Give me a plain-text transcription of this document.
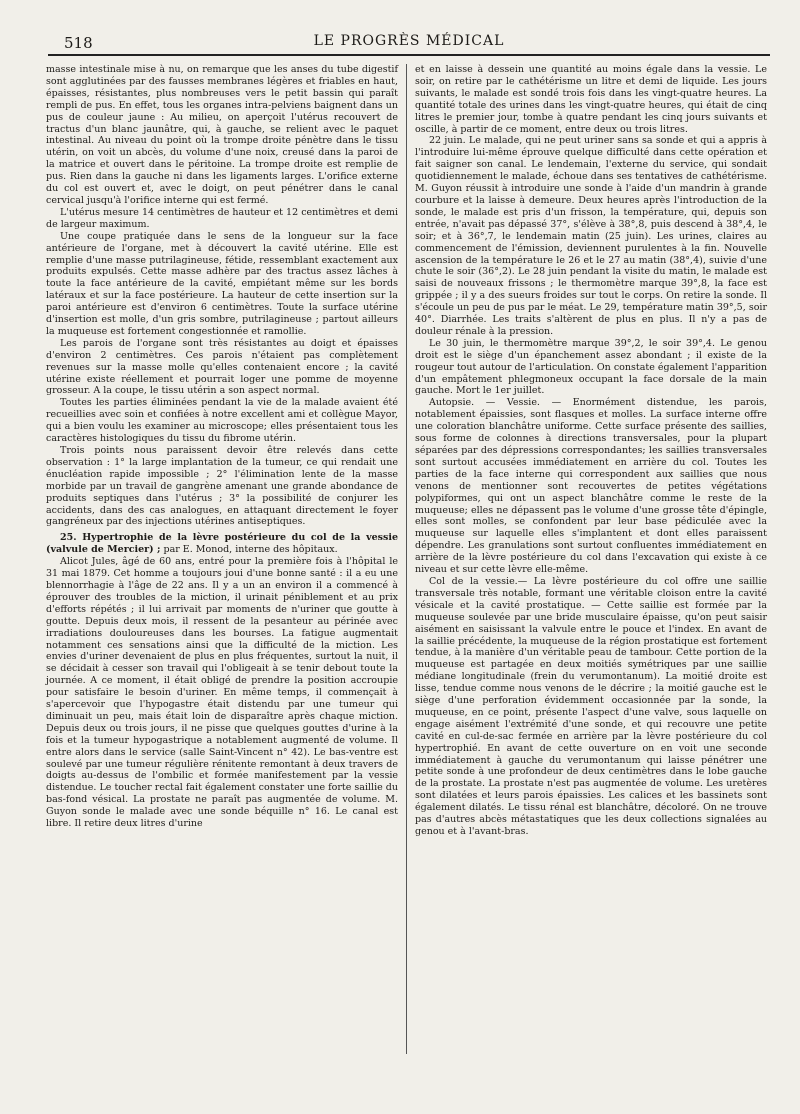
518	LE PROGRÈS MÉDICAL

masse intestinale mise à nu, on remarque que les anses du tube digestif sont agglutinées par des fausses membranes légères et friables en haut, épaisses, résistantes, plus nombreuses vers le petit bassin qui paraît rempli de pus. En effet, tous les organes intra-pelviens baignent dans un pus de couleur jaune : Au milieu, on aperçoit l'utérus recouvert de tractus d'un blanc jaunâtre, qui, à gauche, se relient avec le paquet intestinal. Au niveau du point où la trompe droite pénètre dans le tissu utérin, on voit un abcès, du volume d'une noix, creusé dans la paroi de la matrice et ouvert dans le péritoine. La trompe droite est remplie de pus. Rien dans la gauche ni dans les ligaments larges. L'orifice externe du col est ouvert et, avec le doigt, on peut pénétrer dans le canal cervical jusqu'à l'orifice interne qui est fermé.

L'utérus mesure 14 centimètres de hauteur et 12 centimètres et demi de largeur maximum.

Une coupe pratiquée dans le sens de la longueur sur la face antérieure de l'organe, met à découvert la cavité utérine. Elle est remplie d'une masse putrilagineuse, fétide, ressemblant exactement aux produits expulsés. Cette masse adhère par des tractus assez lâches à toute la face antérieure de la cavité, empiétant même sur les bords latéraux et sur la face postérieure. La hauteur de cette insertion sur la paroi antérieure est d'environ 6 centimètres. Toute la surface utérine d'insertion est molle, d'un gris sombre, putrilagineuse ; partout ailleurs la muqueuse est fortement congestionnée et ramollie.

Les parois de l'organe sont très résistantes au doigt et épaisses d'environ 2 centimètres. Ces parois n'étaient pas complètement revenues sur la masse molle qu'elles contenaient encore ; la cavité utérine existe réellement et pourrait loger une pomme de moyenne grosseur. A la coupe, le tissu utérin a son aspect normal.

Toutes les parties éliminées pendant la vie de la malade avaient été recueillies avec soin et confiées à notre excellent ami et collègue Mayor, qui a bien voulu les examiner au microscope; elles présentaient tous les caractères histologiques du tissu du fibrome utérin.

Trois points nous paraissent devoir être relevés dans cette observation : 1° la large implantation de la tumeur, ce qui rendait une énucléation rapide impossible ; 2° l'élimination lente de la masse morbide par un travail de gangrène amenant une grande abondance de produits septiques dans l'utérus ; 3° la possibilité de conjurer les accidents, dans des cas analogues, en attaquant directement le foyer gangréneux par des injections utérines antiseptiques.

25. Hypertrophie de la lèvre postérieure du col de la vessie (valvule de Mercier) ; par E. Monod, interne des hôpitaux.

Alicot Jules, âgé de 60 ans, entré pour la première fois à l'hôpital le 31 mai 1879. Cet homme a toujours joui d'une bonne santé : il a eu une blennorrhagie à l'âge de 22 ans. Il y a un an environ il a commencé à éprouver des troubles de la miction, il urinait péniblement et au prix d'efforts répétés ; il lui arrivait par moments de n'uriner que goutte à goutte. Depuis deux mois, il ressent de la pesanteur au périnée avec irradiations douloureuses dans les bourses. La fatigue augmentait notamment ces sensations ainsi que la difficulté de la miction. Les envies d'uriner devenaient de plus en plus fréquentes, surtout la nuit, il se décidait à cesser son travail qui l'obligeait à se tenir debout toute la journée. A ce moment, il était obligé de prendre la position accroupie pour satisfaire le besoin d'uriner. En même temps, il commençait à s'apercevoir que l'hypogastre était distendu par une tumeur qui diminuait un peu, mais était loin de disparaître après chaque miction. Depuis deux ou trois jours, il ne pisse que quelques gouttes d'urine à la fois et la tumeur hypogastrique a notablement augmenté de volume. Il entre alors dans le service (salle Saint-Vincent n° 42). Le bas-ventre est soulevé par une tumeur régulière rénitente remontant à deux travers de doigts au-dessus de l'ombilic et formée manifestement par la vessie distendue. Le toucher rectal fait également constater une forte saillie du bas-fond vésical. La prostate ne paraît pas augmentée de volume. M. Guyon sonde le malade avec une sonde béquille n° 16. Le canal est libre. Il retire deux litres d'urine

et en laisse à dessein une quantité au moins égale dans la vessie. Le soir, on retire par le cathétérisme un litre et demi de liquide. Les jours suivants, le malade est sondé trois fois dans les vingt-quatre heures. La quantité totale des urines dans les vingt-quatre heures, qui était de cinq litres le premier jour, tombe à quatre pendant les cinq jours suivants et oscille, à partir de ce moment, entre deux ou trois litres.

22 juin. Le malade, qui ne peut uriner sans sa sonde et qui a appris à l'introduire lui-même éprouve quelque difficulté dans cette opération et fait saigner son canal. Le lendemain, l'externe du service, qui sondait quotidiennement le malade, échoue dans ses tentatives de cathétérisme. M. Guyon réussit à introduire une sonde à l'aide d'un mandrin à grande courbure et la laisse à demeure. Deux heures après l'introduction de la sonde, le malade est pris d'un frisson, la température, qui, depuis son entrée, n'avait pas dépassé 37°, s'élève à 38°,8, puis descend à 38°,4, le soir; et à 36°,7, le lendemain matin (25 juin). Les urines, claires au commencement de l'émission, deviennent purulentes à la fin. Nouvelle ascension de la température le 26 et le 27 au matin (38°,4), suivie d'une chute le soir (36°,2). Le 28 juin pendant la visite du matin, le malade est saisi de nouveaux frissons ; le thermomètre marque 39°,8, la face est grippée ; il y a des sueurs froides sur tout le corps. On retire la sonde. Il s'écoule un peu de pus par le méat. Le 29, température matin 39°,5, soir 40°. Diarrhée. Les traits s'altèrent de plus en plus. Il n'y a pas de douleur rénale à la pression.

Le 30 juin, le thermomètre marque 39°,2, le soir 39°,4. Le genou droit est le siège d'un épanchement assez abondant ; il existe de la rougeur tout autour de l'articulation. On constate également l'apparition d'un empâtement phlegmoneux occupant la face dorsale de la main gauche. Mort le 1er juillet.

Autopsie. — Vessie. — Enormément distendue, les parois, notablement épaissies, sont flasques et molles. La surface interne offre une coloration blanchâtre uniforme. Cette surface présente des saillies, sous forme de colonnes à directions transversales, pour la plupart séparées par des dépressions correspondantes; les saillies transversales sont surtout accusées immédiatement en arrière du col. Toutes les parties de la face interne qui correspondent aux saillies que nous venons de mentionner sont recouvertes de petites végétations polypiformes, qui ont un aspect blanchâtre comme le reste de la muqueuse; elles ne dépassent pas le volume d'une grosse tête d'épingle, elles sont molles, se confondent par leur base pédiculée avec la muqueuse sur laquelle elles s'implantent et dont elles paraissent dépendre. Les granulations sont surtout confluentes immédiatement en arrière de la lèvre postérieure du col dans l'excavation qui existe à ce niveau et sur cette lèvre elle-même.

Col de la vessie.— La lèvre postérieure du col offre une saillie transversale très notable, formant une véritable cloison entre la cavité vésicale et la cavité prostatique. — Cette saillie est formée par la muqueuse soulevée par une bride musculaire épaisse, qu'on peut saisir aisément en saisissant la valvule entre le pouce et l'index. En avant de la saillie précédente, la muqueuse de la région prostatique est fortement tendue, à la manière d'un véritable peau de tambour. Cette portion de la muqueuse est partagée en deux moitiés symétriques par une saillie médiane longitudinale (frein du verumontanum). La moitié droite est lisse, tendue comme nous venons de le décrire ; la moitié gauche est le siège d'une perforation évidemment occasionnée par la sonde, la muqueuse, en ce point, présente l'aspect d'une valve, sous laquelle on engage aisément l'extrémité d'une sonde, et qui recouvre une petite cavité en cul-de-sac fermée en arrière par la lèvre postérieure du col hypertrophié. En avant de cette ouverture on en voit une seconde immédiatement à gauche du verumontanum qui laisse pénétrer une petite sonde à une profondeur de deux centimètres dans le lobe gauche de la prostate. La prostate n'est pas augmentée de volume. Les uretères sont dilatées et leurs parois épaissies. Les calices et les bassinets sont également dilatés. Le tissu rénal est blanchâtre, décoloré. On ne trouve pas d'autres abcès métastatiques que les deux collections signalées au genou et à l'avant-bras.
